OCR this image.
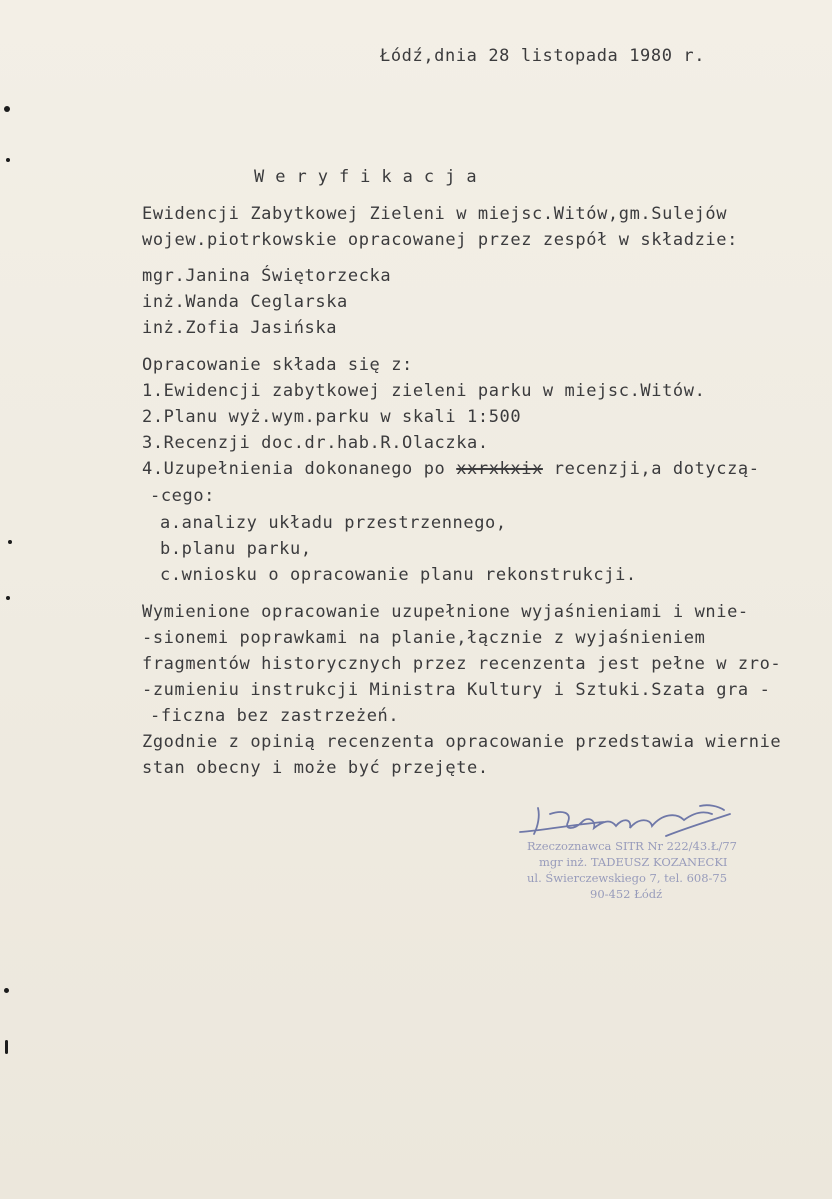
Łódź,dnia 28 listopada 1980 r.
Weryfikacja
Ewidencji Zabytkowej Zieleni w miejsc.Witów,gm.Sulejów
wojew.piotrkowskie opracowanej przez zespół w składzie:
mgr.Janina Świętorzecka
inż.Wanda Ceglarska
inż.Zofia Jasińska
Opracowanie składa się z:
1.Ewidencji zabytkowej zieleni parku w miejsc.Witów.
2.Planu wyż.wym.parku w skali 1:500
3.Recenzji doc.dr.hab.R.Olaczka.
4.Uzupełnienia dokonanego po xxrxkxix recenzji,a dotyczą-
-cego:
a.analizy układu przestrzennego,
b.planu parku,
c.wniosku o opracowanie planu rekonstrukcji.
Wymienione opracowanie uzupełnione wyjaśnieniami i wnie-
-sionemi poprawkami na planie,łącznie z wyjaśnieniem
fragmentów historycznych przez recenzenta jest pełne w zro-
-zumieniu instrukcji Ministra Kultury i Sztuki.Szata gra -
-ficzna bez zastrzeżeń.
Zgodnie z opinią recenzenta opracowanie przedstawia wiernie
stan obecny i może być przejęte.
Rzeczoznawca SITR Nr 222/43.Ł/77
mgr inż. TADEUSZ KOZANECKI
ul. Świerczewskiego 7, tel. 608-75
90-452 Łódź
